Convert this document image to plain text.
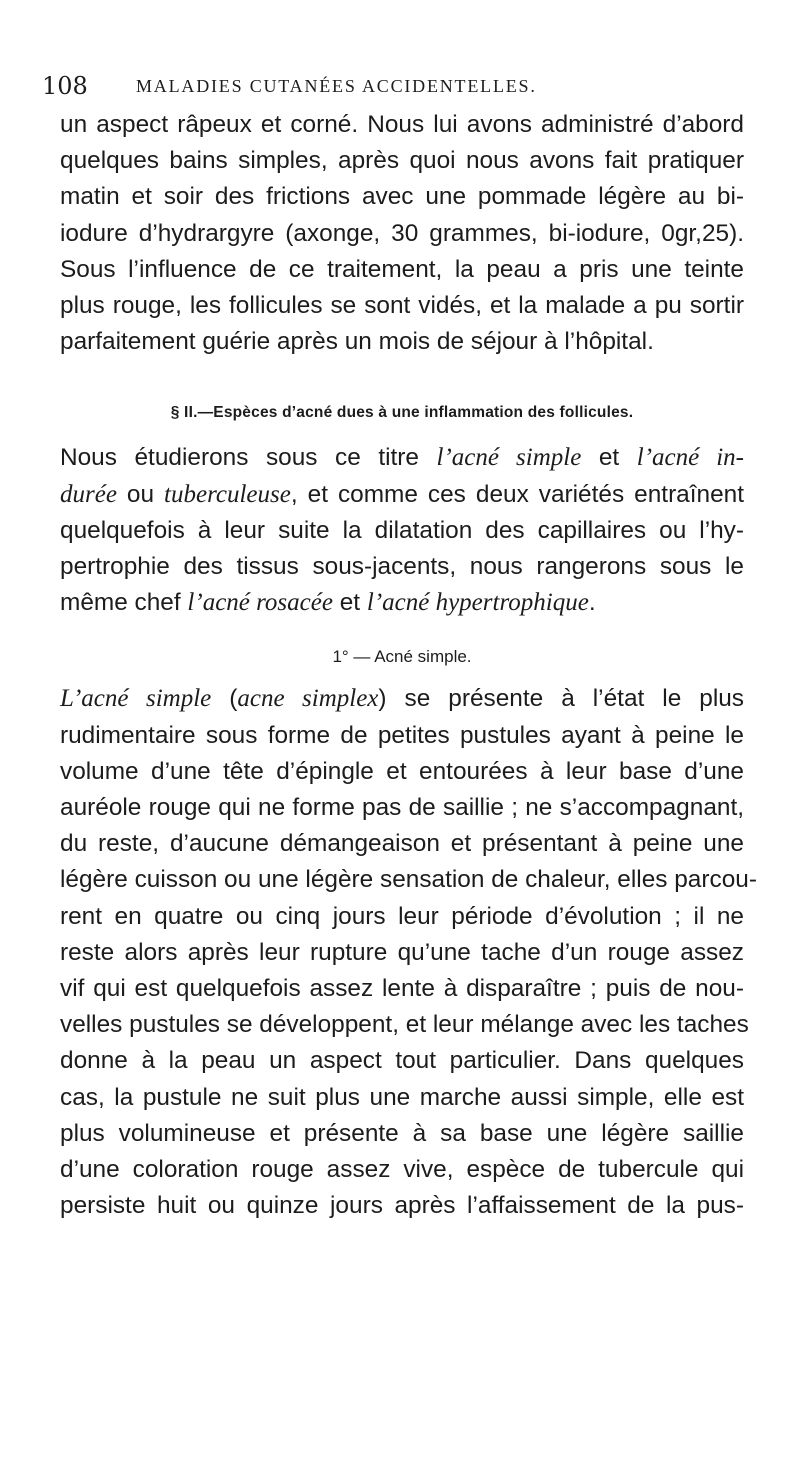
108	MALADIES CUTANÉES ACCIDENTELLES.

un aspect râpeux et corné. Nous lui avons administré d’abord
quelques bains simples, après quoi nous avons fait pratiquer
matin et soir des frictions avec une pommade légère au bi-
iodure d’hydrargyre (axonge, 30 grammes, bi-iodure, 0gr,25).
Sous l’influence de ce traitement, la peau a pris une teinte
plus rouge, les follicules se sont vidés, et la malade a pu sortir
parfaitement guérie après un mois de séjour à l’hôpital.

§ II.—Espèces d’acné dues à une inflammation des follicules.

Nous étudierons sous ce titre l’acné simple et l’acné in-
durée ou tuberculeuse, et comme ces deux variétés entraînent
quelquefois à leur suite la dilatation des capillaires ou l’hy-
pertrophie des tissus sous-jacents, nous rangerons sous le
même chef l’acné rosacée et l’acné hypertrophique.

1° — Acné simple.

L’acné simple (acne simplex) se présente à l’état le plus
rudimentaire sous forme de petites pustules ayant à peine le
volume d’une tête d’épingle et entourées à leur base d’une
auréole rouge qui ne forme pas de saillie ; ne s’accompagnant,
du reste, d’aucune démangeaison et présentant à peine une
légère cuisson ou une légère sensation de chaleur, elles parcou-
rent en quatre ou cinq jours leur période d’évolution ; il ne
reste alors après leur rupture qu’une tache d’un rouge assez
vif qui est quelquefois assez lente à disparaître ; puis de nou-
velles pustules se développent, et leur mélange avec les taches
donne à la peau un aspect tout particulier. Dans quelques
cas, la pustule ne suit plus une marche aussi simple, elle est
plus volumineuse et présente à sa base une légère saillie
d’une coloration rouge assez vive, espèce de tubercule qui
persiste huit ou quinze jours après l’affaissement de la pus-
